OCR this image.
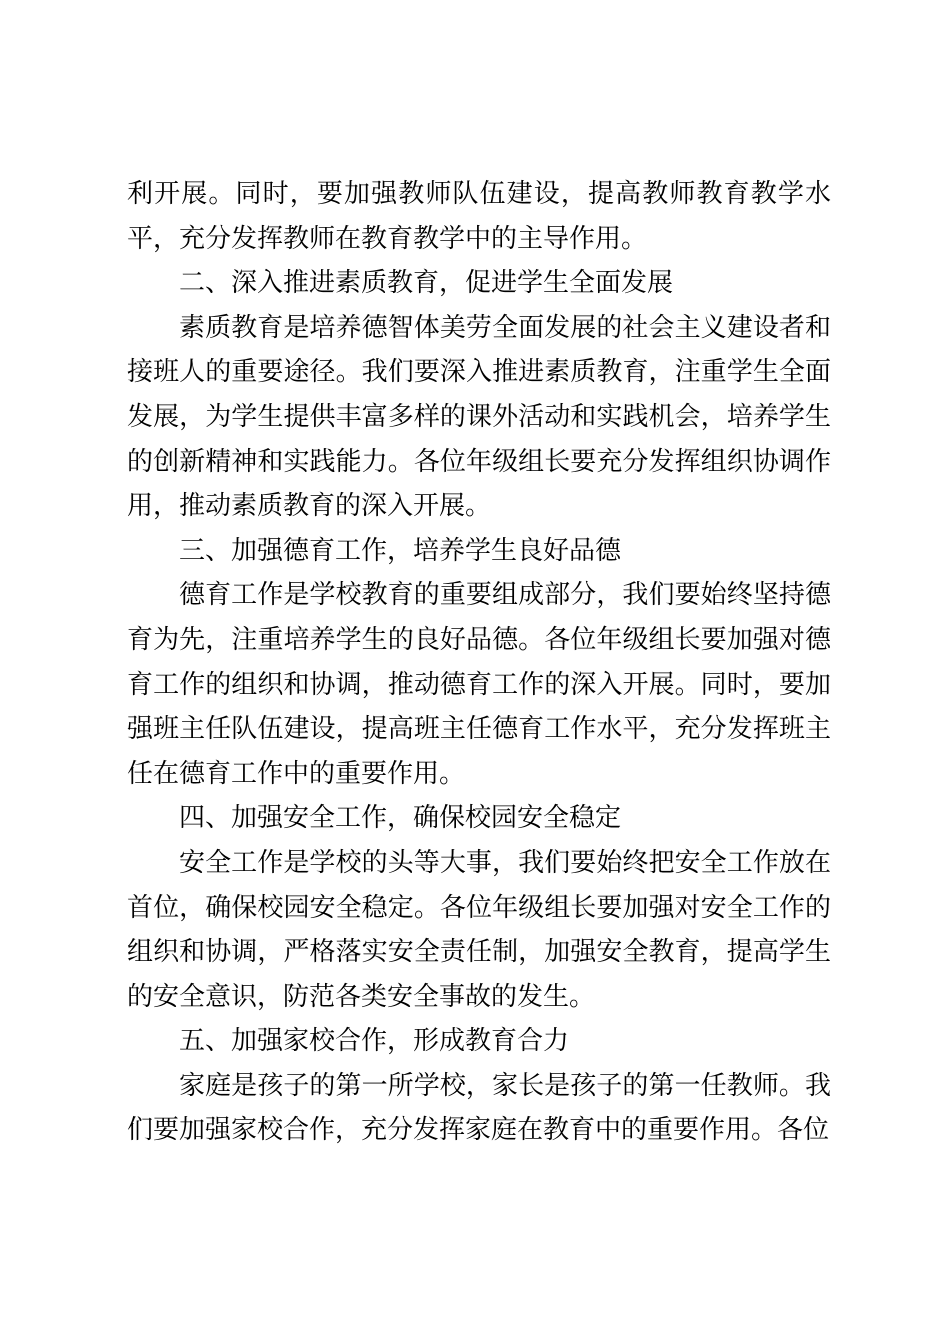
利开展。同时，要加强教师队伍建设，提高教师教育教学水平，充分发挥教师在教育教学中的主导作用。

二、深入推进素质教育，促进学生全面发展

素质教育是培养德智体美劳全面发展的社会主义建设者和接班人的重要途径。我们要深入推进素质教育，注重学生全面发展，为学生提供丰富多样的课外活动和实践机会，培养学生的创新精神和实践能力。各位年级组长要充分发挥组织协调作用，推动素质教育的深入开展。

三、加强德育工作，培养学生良好品德

德育工作是学校教育的重要组成部分，我们要始终坚持德育为先，注重培养学生的良好品德。各位年级组长要加强对德育工作的组织和协调，推动德育工作的深入开展。同时，要加强班主任队伍建设，提高班主任德育工作水平，充分发挥班主任在德育工作中的重要作用。

四、加强安全工作，确保校园安全稳定

安全工作是学校的头等大事，我们要始终把安全工作放在首位，确保校园安全稳定。各位年级组长要加强对安全工作的组织和协调，严格落实安全责任制，加强安全教育，提高学生的安全意识，防范各类安全事故的发生。

五、加强家校合作，形成教育合力

家庭是孩子的第一所学校，家长是孩子的第一任教师。我们要加强家校合作，充分发挥家庭在教育中的重要作用。各位
